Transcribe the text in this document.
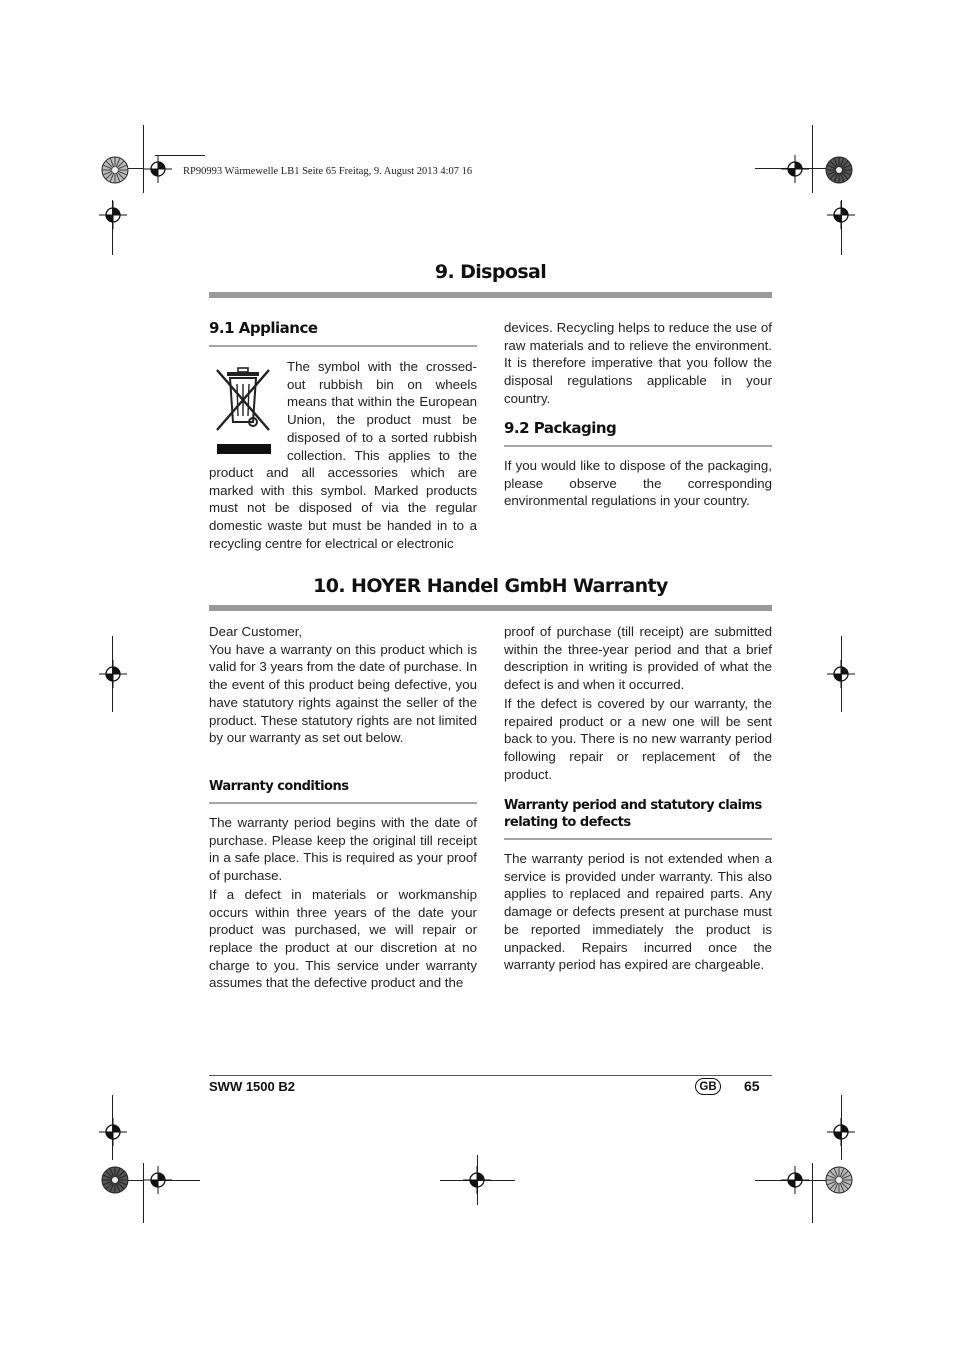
RP90993 Wärmewelle LB1 Seite 65 Freitag, 9. August 2013 4:07 16
9. Disposal
9.1 Appliance
The symbol with the crossed-
out rubbish bin on wheels
means that within the European
Union, the product must be
disposed of to a sorted rubbish
collection. This applies to the
product and all accessories which are marked with this symbol. Marked products must not be disposed of via the regular domestic waste but must be handed in to a recycling centre for electrical or electronic
devices. Recycling helps to reduce the use of raw materials and to relieve the environment. It is therefore imperative that you follow the disposal regulations applicable in your country.
9.2 Packaging
If you would like to dispose of the packaging, please observe the corresponding environmental regulations in your country.
10. HOYER Handel GmbH Warranty

Dear Customer,

You have a warranty on this product which is valid for 3 years from the date of purchase. In the event of this product being defective, you have statutory rights against the seller of the product. These statutory rights are not limited by our warranty as set out below.

Warranty conditions

The warranty period begins with the date of purchase. Please keep the original till receipt in a safe place. This is required as your proof of purchase.

If a defect in materials or workmanship occurs within three years of the date your product was purchased, we will repair or replace the product at our discretion at no charge to you. This service under warranty assumes that the defective product and the

proof of purchase (till receipt) are submitted within the three-year period and that a brief description in writing is provided of what the defect is and when it occurred.

If the defect is covered by our warranty, the repaired product or a new one will be sent back to you. There is no new warranty period following repair or replacement of the product.

Warranty period and statutory claims
relating to defects
The warranty period is not extended when a service is provided under warranty. This also applies to replaced and repaired parts. Any damage or defects present at purchase must be reported immediately the product is unpacked. Repairs incurred once the warranty period has expired are chargeable.
SWW 1500 B2	GB	65
